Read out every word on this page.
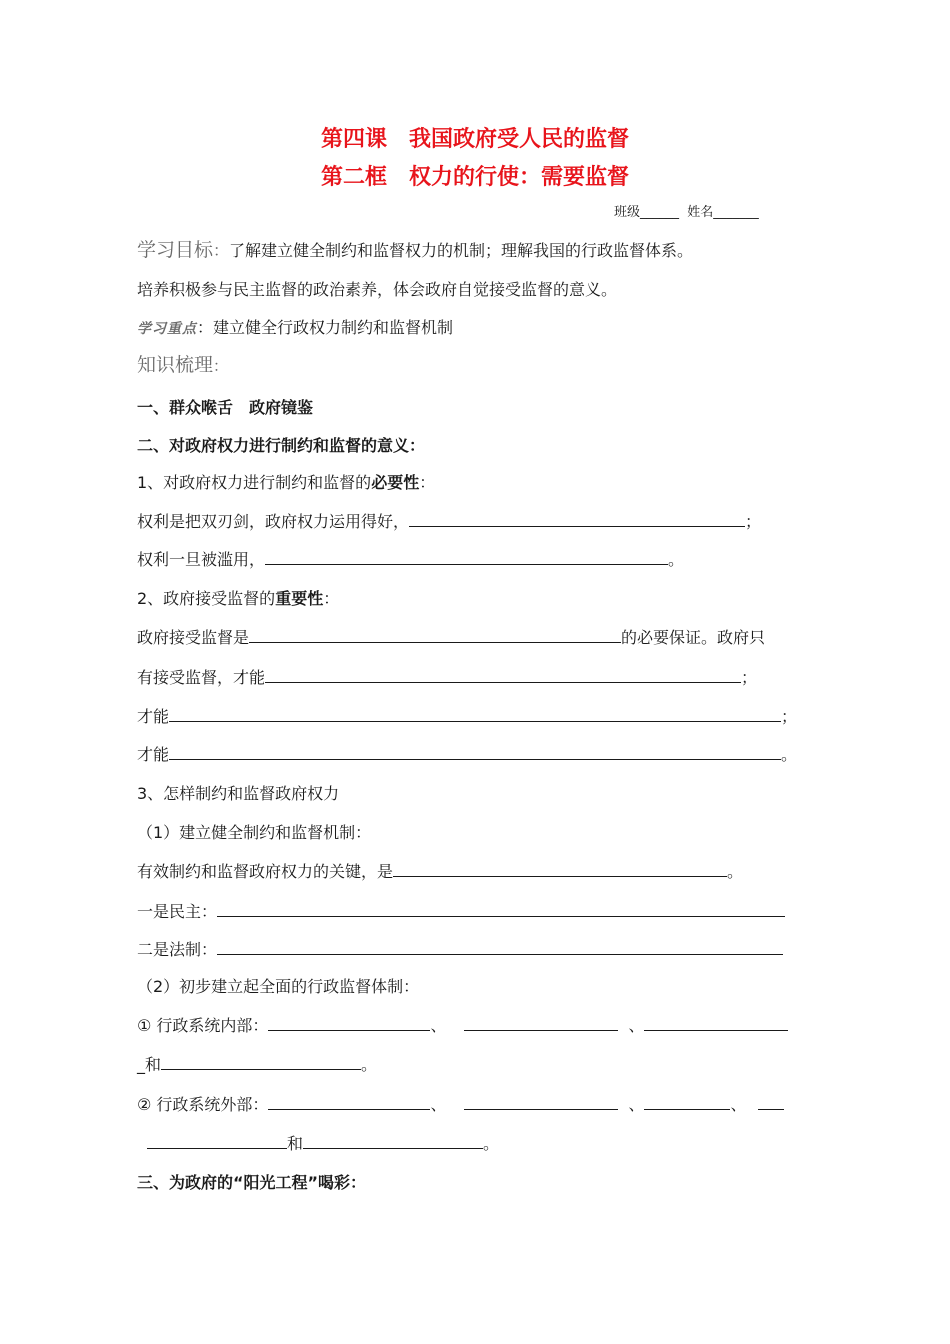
第四课　我国政府受人民的监督
第二框　权力的行使：需要监督
班级______ 姓名_______
学习目标：了解建立健全制约和监督权力的机制；理解我国的行政监督体系。
培养积极参与民主监督的政治素养，体会政府自觉接受监督的意义。
学习重点：建立健全行政权力制约和监督机制
知识梳理：
一、群众喉舌　政府镜鉴
二、对政府权力进行制约和监督的意义：
1、对政府权力进行制约和监督的必要性：
权利是把双刃剑，政府权力运用得好，	；
权利一旦被滥用，	。
2、政府接受监督的重要性：
政府接受监督是	的必要保证。政府只
有接受监督，才能	；
才能	；
才能	。
3、怎样制约和监督政府权力
（1）建立健全制约和监督机制：
有效制约和监督政府权力的关键，是	。
一是民主：
二是法制：
（2）初步建立起全面的行政监督体制：
① 行政系统内部：	、	、
_和	。
② 行政系统外部：	、	、	、
和	。
三、为政府的“阳光工程”喝彩：
